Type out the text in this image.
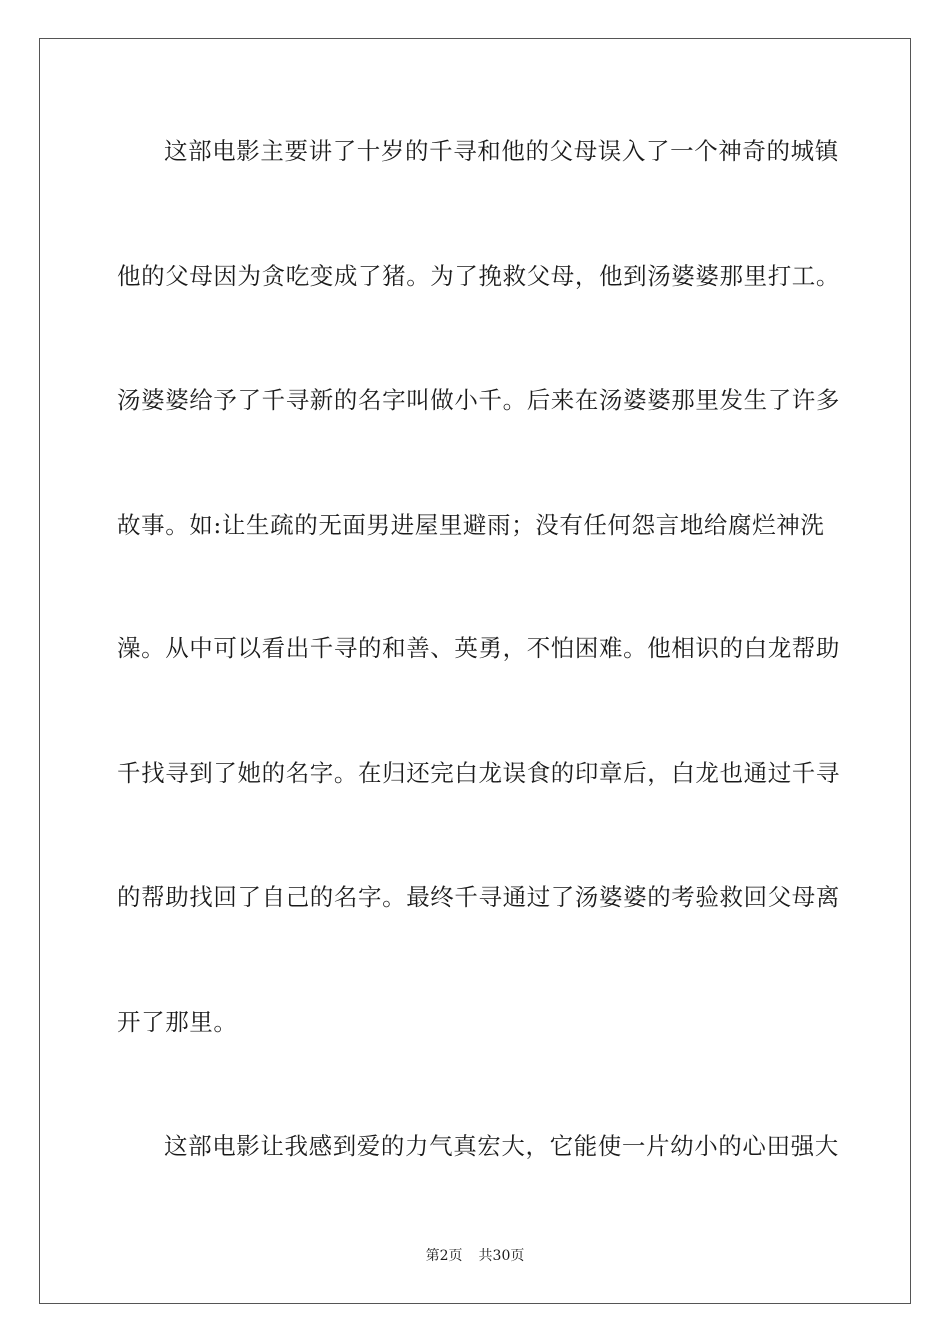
这部电影主要讲了十岁的千寻和他的父母误入了一个神奇的城镇
他的父母因为贪吃变成了猪。为了挽救父母，他到汤婆婆那里打工。
汤婆婆给予了千寻新的名字叫做小千。后来在汤婆婆那里发生了许多
故事。如:让生疏的无面男进屋里避雨；没有任何怨言地给腐烂神洗
澡。从中可以看出千寻的和善、英勇，不怕困难。他相识的白龙帮助
千找寻到了她的名字。在归还完白龙误食的印章后，白龙也通过千寻
的帮助找回了自己的名字。最终千寻通过了汤婆婆的考验救回父母离
开了那里。
这部电影让我感到爱的力气真宏大，它能使一片幼小的心田强大
第2页 共30页
